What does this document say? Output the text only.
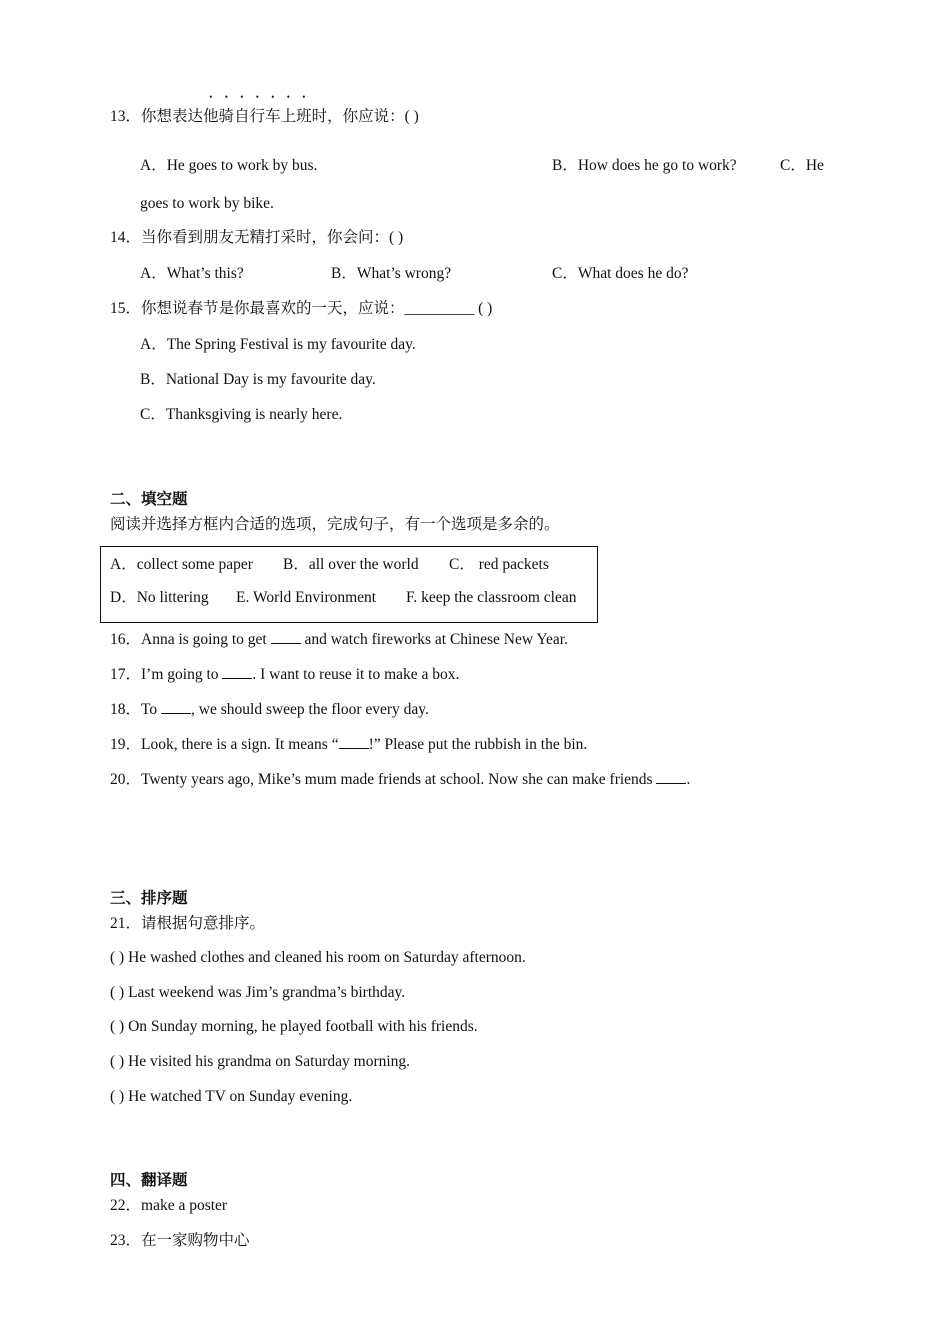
13．你想表达他骑自行车上班时，你应说：( )
A．He goes to work by bus.	B．How does he go to work?	C．He
goes to work by bike.
14．当你看到朋友无精打采时，你会问：( )
A．What’s this?	B．What’s wrong?	C．What does he do?
15．你想说春节是你最喜欢的一天，应说：_________ ( )
A．The Spring Festival is my favourite day.
B．National Day is my favourite day.
C．Thanksgiving is nearly here.
二、填空题
阅读并选择方框内合适的选项，完成句子，有一个选项是多余的。
A．collect some paper B．all over the world C． red packets
D．No littering E. World Environment F. keep the classroom clean
16．Anna is going to get  and watch fireworks at Chinese New Year.
17．I’m going to . I want to reuse it to make a box.
18．To , we should sweep the floor every day.
19．Look, there is a sign. It means “ !” Please put the rubbish in the bin.
20．Twenty years ago, Mike’s mum made friends at school. Now she can make friends .
三、排序题
21．请根据句意排序。
( ) He washed clothes and cleaned his room on Saturday afternoon.
( ) Last weekend was Jim’s grandma’s birthday.
( ) On Sunday morning, he played football with his friends.
( ) He visited his grandma on Saturday morning.
( ) He watched TV on Sunday evening.
四、翻译题
22．make a poster
23．在一家购物中心
